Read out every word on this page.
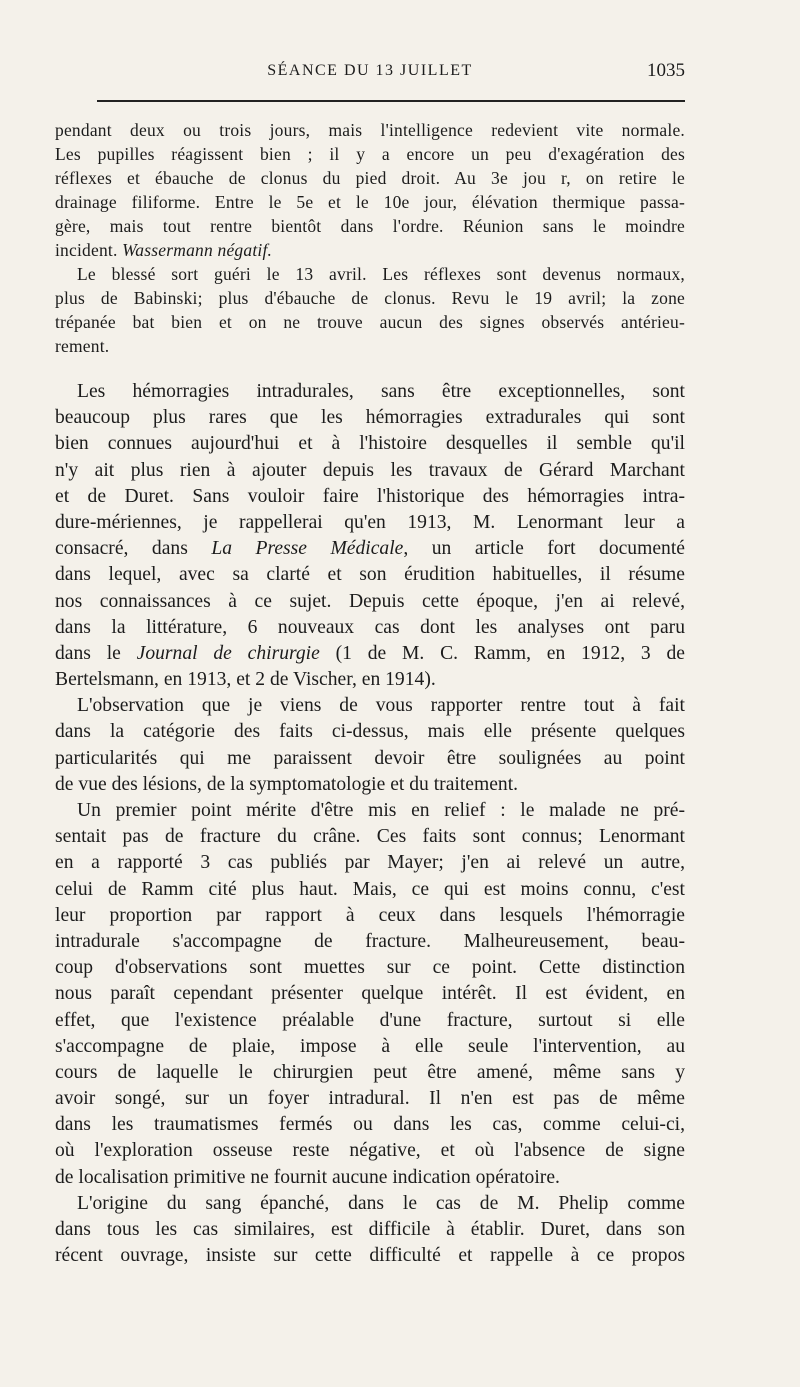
SÉANCE DU 13 JUILLET	1035
pendant deux ou trois jours, mais l'intelligence redevient vite normale.
Les pupilles réagissent bien ; il y a encore un peu d'exagération des
réflexes et ébauche de clonus du pied droit. Au 3e jou r, on retire le
drainage filiforme. Entre le 5e et le 10e jour, élévation thermique passa-
gère, mais tout rentre bientôt dans l'ordre. Réunion sans le moindre
incident. Wassermann négatif.
Le blessé sort guéri le 13 avril. Les réflexes sont devenus normaux,
plus de Babinski; plus d'ébauche de clonus. Revu le 19 avril; la zone
trépanée bat bien et on ne trouve aucun des signes observés antérieu-
rement.
Les hémorragies intradurales, sans être exceptionnelles, sont
beaucoup plus rares que les hémorragies extradurales qui sont
bien connues aujourd'hui et à l'histoire desquelles il semble qu'il
n'y ait plus rien à ajouter depuis les travaux de Gérard Marchant
et de Duret. Sans vouloir faire l'historique des hémorragies intra-
dure-mériennes, je rappellerai qu'en 1913, M. Lenormant leur a
consacré, dans La Presse Médicale, un article fort documenté
dans lequel, avec sa clarté et son érudition habituelles, il résume
nos connaissances à ce sujet. Depuis cette époque, j'en ai relevé,
dans la littérature, 6 nouveaux cas dont les analyses ont paru
dans le Journal de chirurgie (1 de M. C. Ramm, en 1912, 3 de
Bertelsmann, en 1913, et 2 de Vischer, en 1914).
L'observation que je viens de vous rapporter rentre tout à fait
dans la catégorie des faits ci-dessus, mais elle présente quelques
particularités qui me paraissent devoir être soulignées au point
de vue des lésions, de la symptomatologie et du traitement.
Un premier point mérite d'être mis en relief : le malade ne pré-
sentait pas de fracture du crâne. Ces faits sont connus; Lenormant
en a rapporté 3 cas publiés par Mayer; j'en ai relevé un autre,
celui de Ramm cité plus haut. Mais, ce qui est moins connu, c'est
leur proportion par rapport à ceux dans lesquels l'hémorragie
intradurale s'accompagne de fracture. Malheureusement, beau-
coup d'observations sont muettes sur ce point. Cette distinction
nous paraît cependant présenter quelque intérêt. Il est évident, en
effet, que l'existence préalable d'une fracture, surtout si elle
s'accompagne de plaie, impose à elle seule l'intervention, au
cours de laquelle le chirurgien peut être amené, même sans y
avoir songé, sur un foyer intradural. Il n'en est pas de même
dans les traumatismes fermés ou dans les cas, comme celui-ci,
où l'exploration osseuse reste négative, et où l'absence de signe
de localisation primitive ne fournit aucune indication opératoire.
L'origine du sang épanché, dans le cas de M. Phelip comme
dans tous les cas similaires, est difficile à établir. Duret, dans son
récent ouvrage, insiste sur cette difficulté et rappelle à ce propos
